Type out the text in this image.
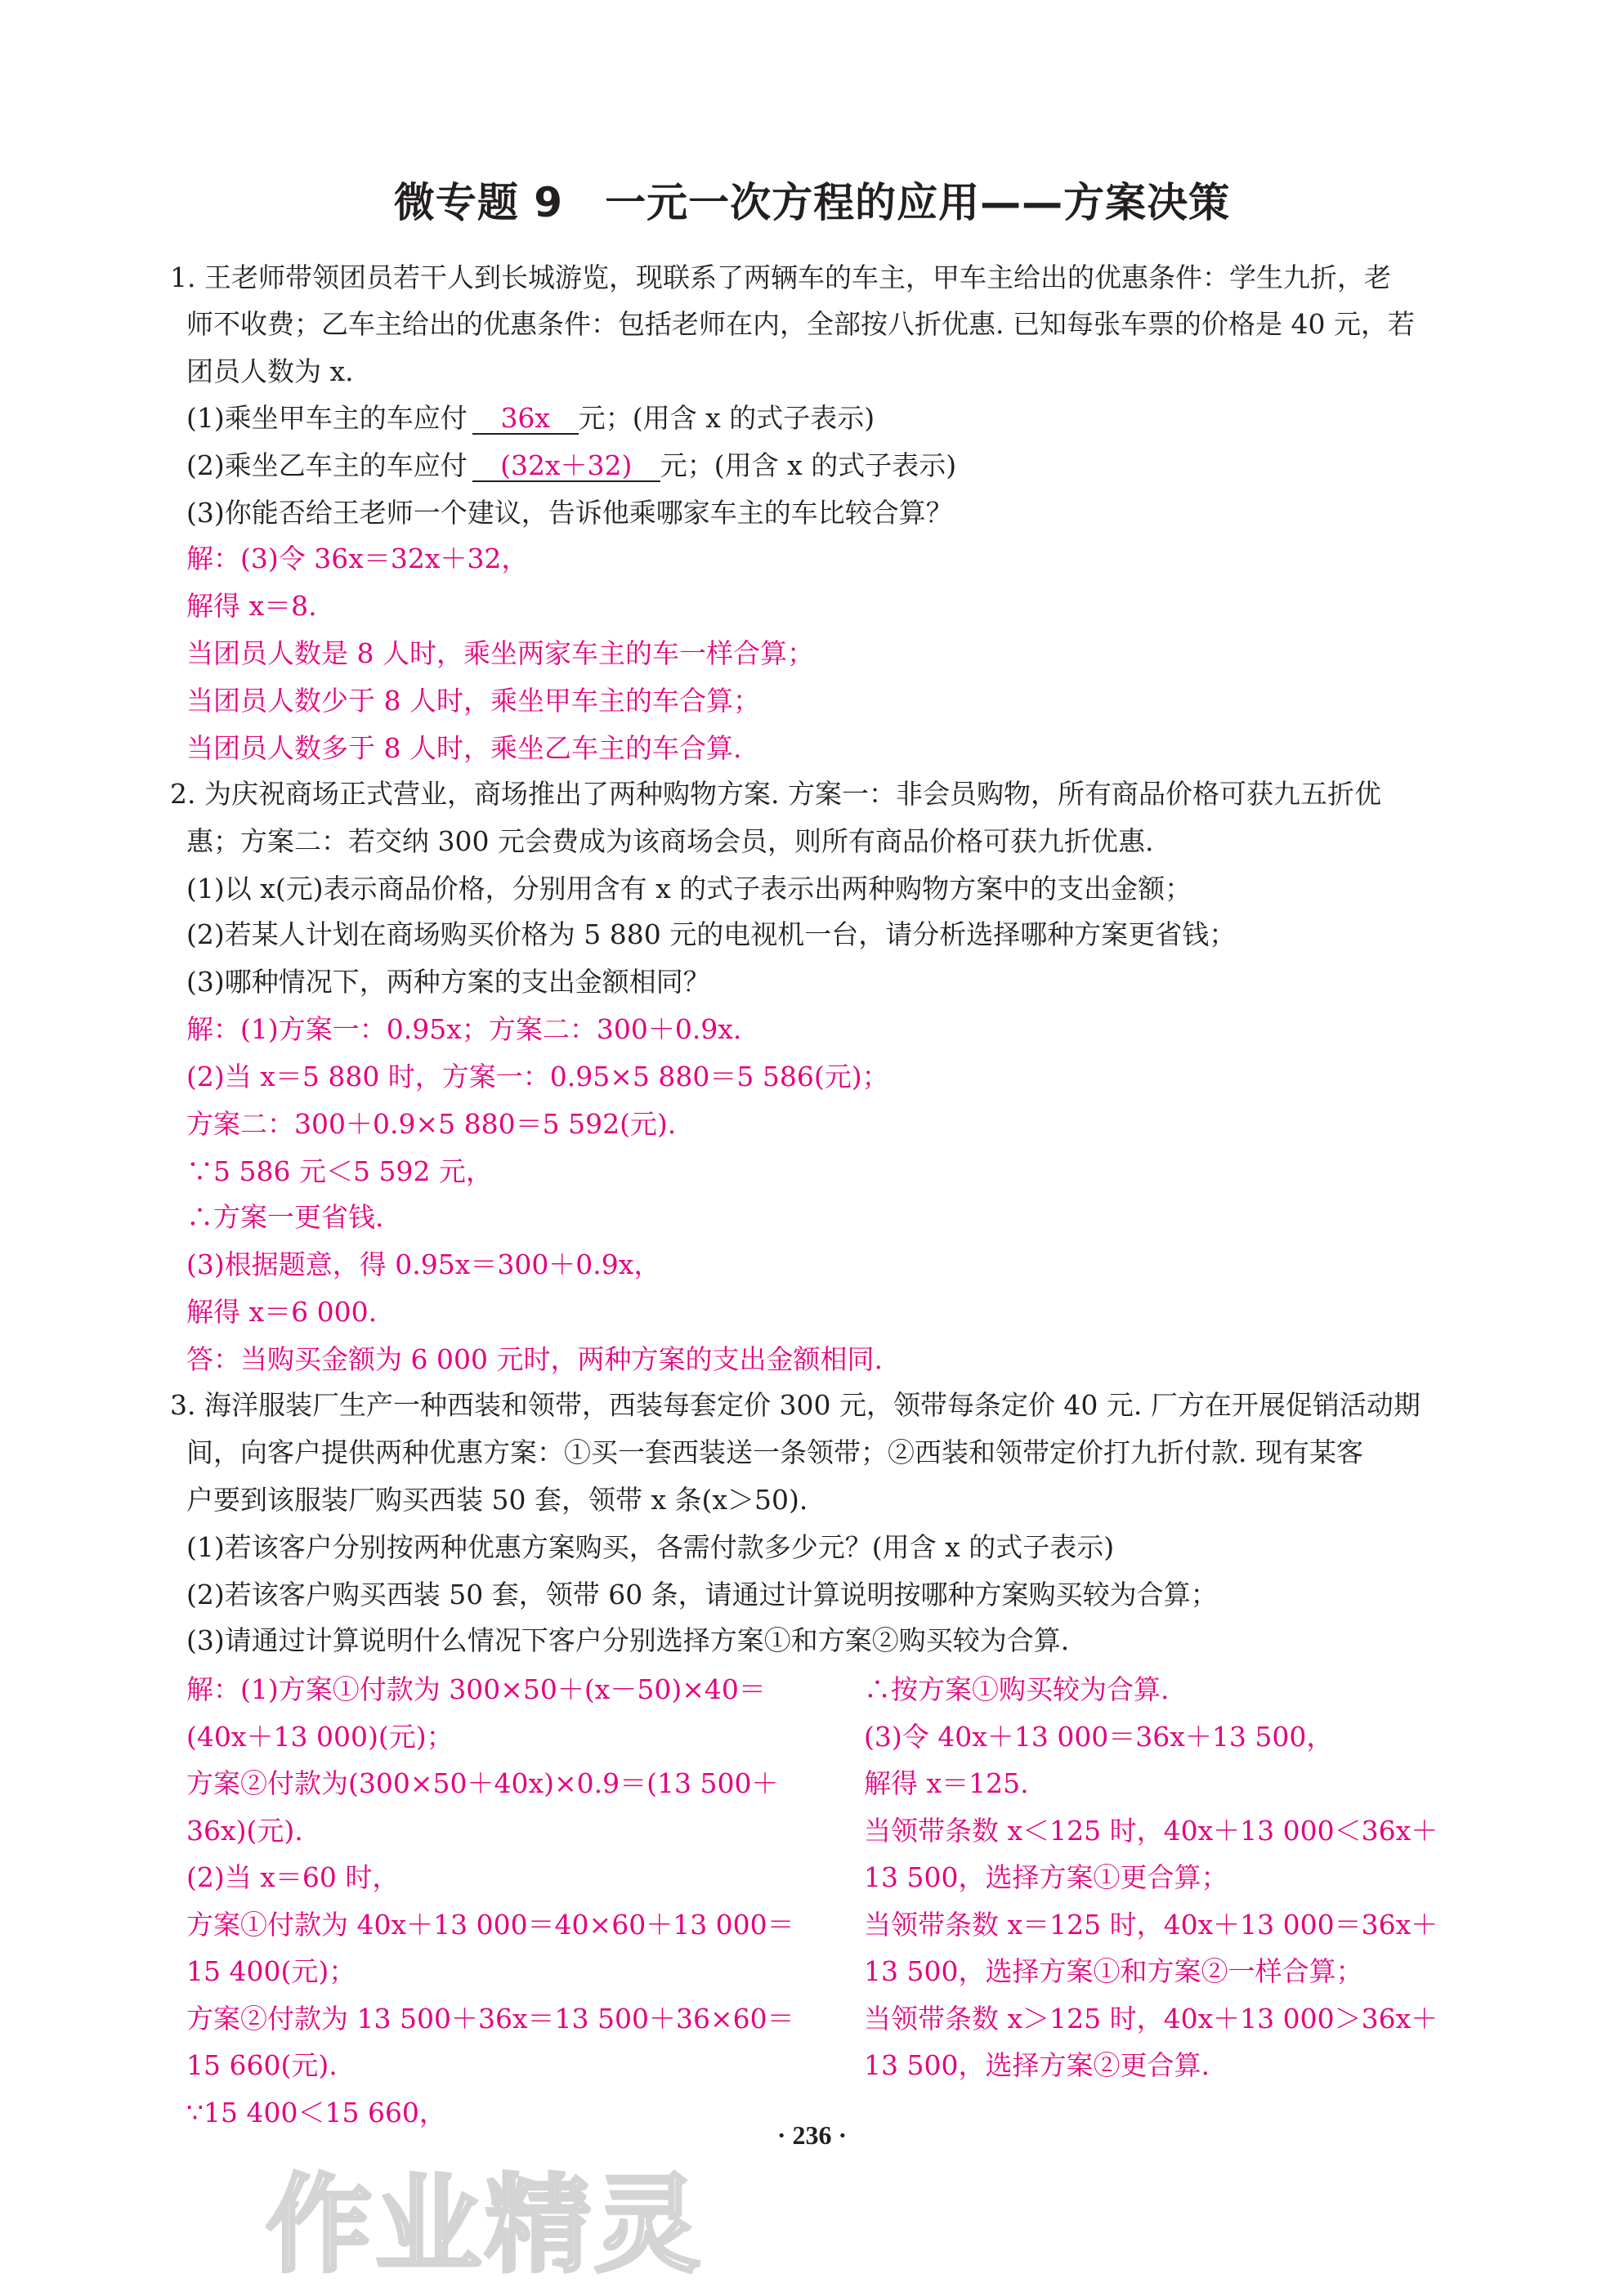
微专题 9　一元一次方程的应用——方案决策
1. 王老师带领团员若干人到长城游览，现联系了两辆车的车主，甲车主给出的优惠条件：学生九折，老
师不收费；乙车主给出的优惠条件：包括老师在内，全部按八折优惠. 已知每张车票的价格是 40 元，若
团员人数为 x.
(1)乘坐甲车主的车应付 36x 元；(用含 x 的式子表示)
(2)乘坐乙车主的车应付 (32x＋32) 元；(用含 x 的式子表示)
(3)你能否给王老师一个建议，告诉他乘哪家车主的车比较合算？
解：(3)令 36x＝32x＋32，
解得 x＝8.
当团员人数是 8 人时，乘坐两家车主的车一样合算；
当团员人数少于 8 人时，乘坐甲车主的车合算；
当团员人数多于 8 人时，乘坐乙车主的车合算.
2. 为庆祝商场正式营业，商场推出了两种购物方案. 方案一：非会员购物，所有商品价格可获九五折优
惠；方案二：若交纳 300 元会费成为该商场会员，则所有商品价格可获九折优惠.
(1)以 x(元)表示商品价格，分别用含有 x 的式子表示出两种购物方案中的支出金额；
(2)若某人计划在商场购买价格为 5 880 元的电视机一台，请分析选择哪种方案更省钱；
(3)哪种情况下，两种方案的支出金额相同？
解：(1)方案一：0.95x；方案二：300＋0.9x.
(2)当 x＝5 880 时，方案一：0.95×5 880＝5 586(元)；
方案二：300＋0.9×5 880＝5 592(元).
∵5 586 元＜5 592 元，
∴方案一更省钱.
(3)根据题意，得 0.95x＝300＋0.9x，
解得 x＝6 000.
答：当购买金额为 6 000 元时，两种方案的支出金额相同.
3. 海洋服装厂生产一种西装和领带，西装每套定价 300 元，领带每条定价 40 元. 厂方在开展促销活动期
间，向客户提供两种优惠方案：①买一套西装送一条领带；②西装和领带定价打九折付款. 现有某客
户要到该服装厂购买西装 50 套，领带 x 条(x＞50).
(1)若该客户分别按两种优惠方案购买，各需付款多少元？(用含 x 的式子表示)
(2)若该客户购买西装 50 套，领带 60 条，请通过计算说明按哪种方案购买较为合算；
(3)请通过计算说明什么情况下客户分别选择方案①和方案②购买较为合算.
解：(1)方案①付款为 300×50＋(x－50)×40＝
(40x＋13 000)(元)；
方案②付款为(300×50＋40x)×0.9＝(13 500＋
36x)(元).
(2)当 x＝60 时，
方案①付款为 40x＋13 000＝40×60＋13 000＝
15 400(元)；
方案②付款为 13 500＋36x＝13 500＋36×60＝
15 660(元).
∵15 400＜15 660，
∴按方案①购买较为合算.
(3)令 40x＋13 000＝36x＋13 500，
解得 x＝125.
当领带条数 x＜125 时，40x＋13 000＜36x＋
13 500，选择方案①更合算；
当领带条数 x＝125 时，40x＋13 000＝36x＋
13 500，选择方案①和方案②一样合算；
当领带条数 x＞125 时，40x＋13 000＞36x＋
13 500，选择方案②更合算.
· 236 ·
作业精灵
